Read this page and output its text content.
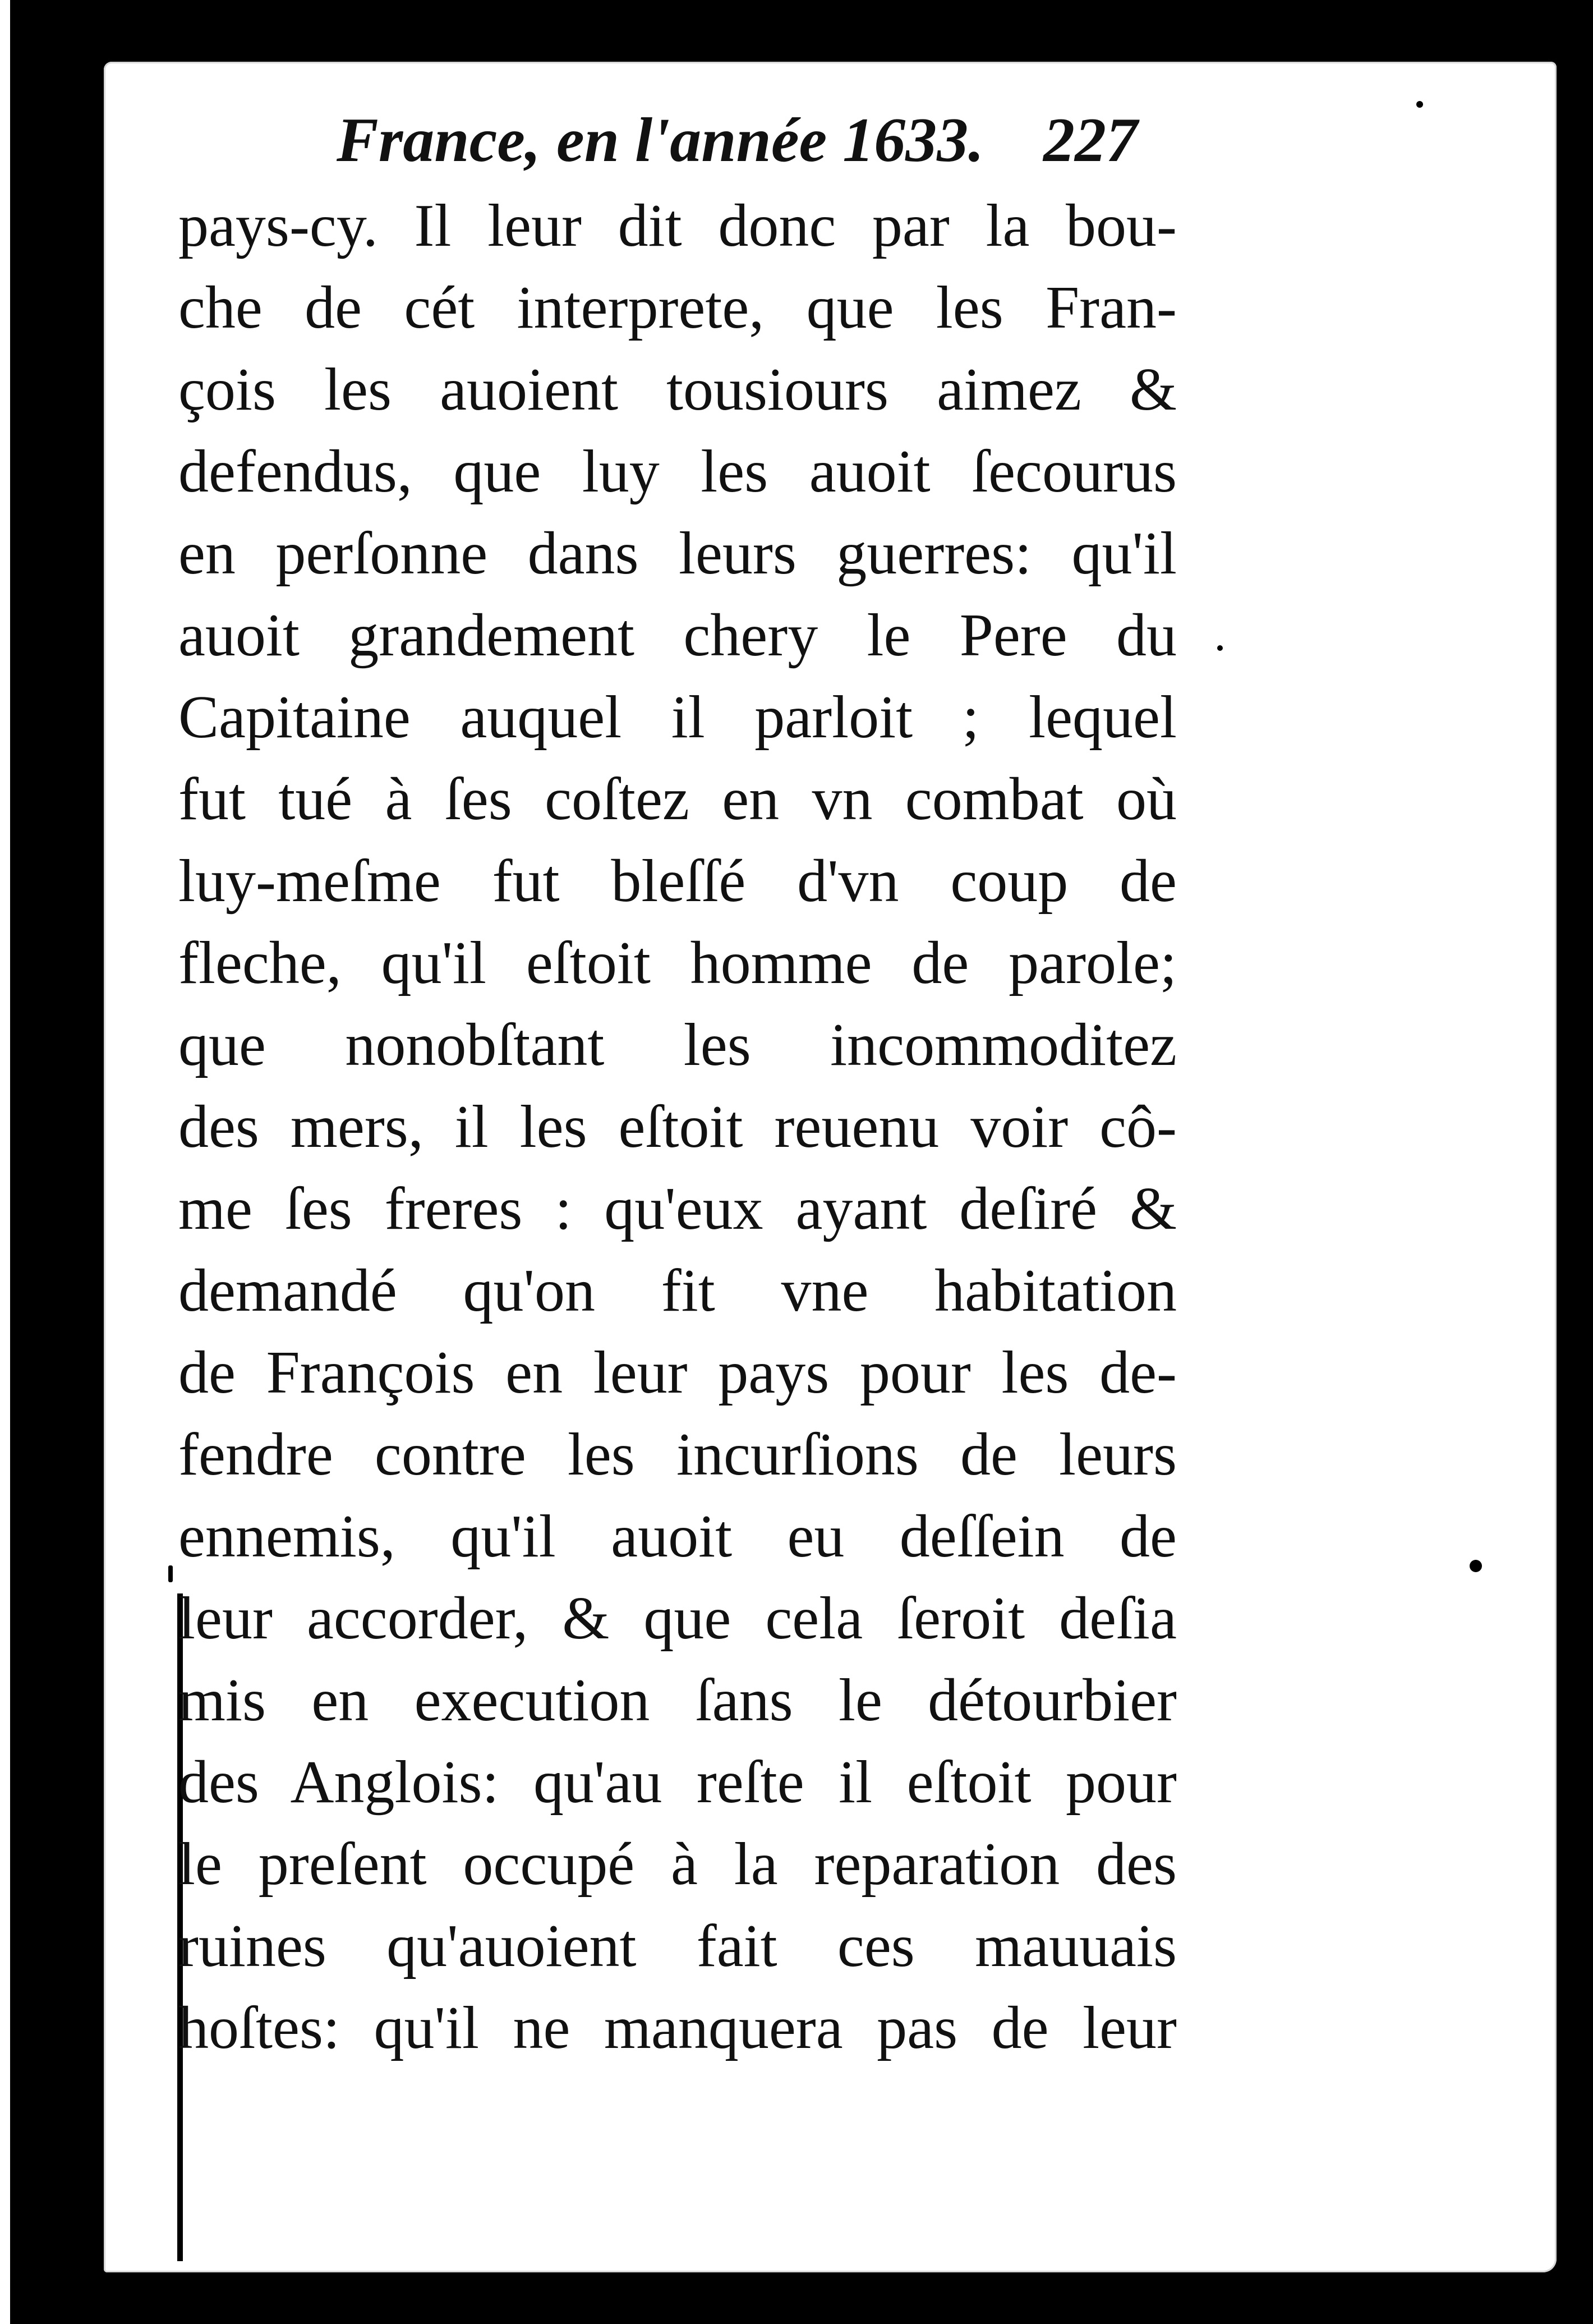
France, en l'année 1633. 227
pays-cy. Il leur dit donc par la bou-
che de cét interprete, que les Fran-
çois les auoient tousiours aimez &
defendus, que luy les auoit ſecourus
en perſonne dans leurs guerres: qu'il
auoit grandement chery le Pere du
Capitaine auquel il parloit ; lequel
fut tué à ſes coſtez en vn combat où
luy-meſme fut bleſſé d'vn coup de
fleche, qu'il eſtoit homme de parole;
que nonobſtant les incommoditez
des mers, il les eſtoit reuenu voir cô-
me ſes freres : qu'eux ayant deſiré &
demandé qu'on fit vne habitation
de François en leur pays pour les de-
fendre contre les incurſions de leurs
ennemis, qu'il auoit eu deſſein de
leur accorder, & que cela ſeroit deſia
mis en execution ſans le détourbier
des Anglois: qu'au reſte il eſtoit pour
le preſent occupé à la reparation des
ruines qu'auoient fait ces mauuais
hoſtes: qu'il ne manquera pas de leur
